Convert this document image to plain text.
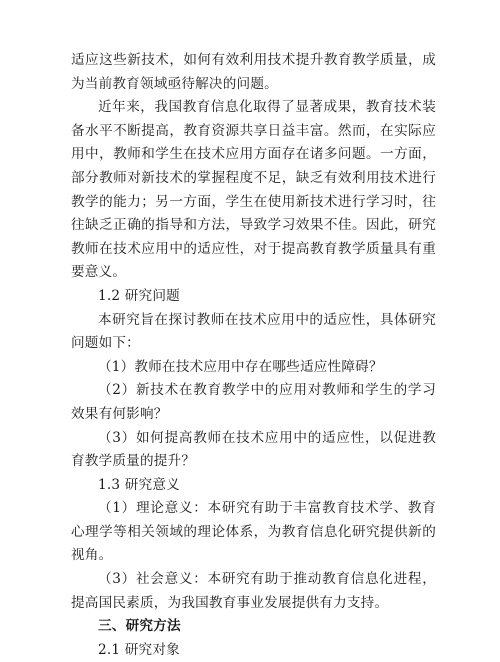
适应这些新技术，如何有效利用技术提升教育教学质量，成为当前教育领域亟待解决的问题。

近年来，我国教育信息化取得了显著成果，教育技术装备水平不断提高，教育资源共享日益丰富。然而，在实际应用中，教师和学生在技术应用方面存在诸多问题。一方面，部分教师对新技术的掌握程度不足，缺乏有效利用技术进行教学的能力；另一方面，学生在使用新技术进行学习时，往往缺乏正确的指导和方法，导致学习效果不佳。因此，研究教师在技术应用中的适应性，对于提高教育教学质量具有重要意义。

1.2 研究问题

本研究旨在探讨教师在技术应用中的适应性，具体研究问题如下：

（1）教师在技术应用中存在哪些适应性障碍？

（2）新技术在教育教学中的应用对教师和学生的学习效果有何影响？

（3）如何提高教师在技术应用中的适应性，以促进教育教学质量的提升？

1.3 研究意义

（1）理论意义：本研究有助于丰富教育技术学、教育心理学等相关领域的理论体系，为教育信息化研究提供新的视角。

（3）社会意义：本研究有助于推动教育信息化进程，提高国民素质，为我国教育事业发展提供有力支持。

三、研究方法

2.1 研究对象
